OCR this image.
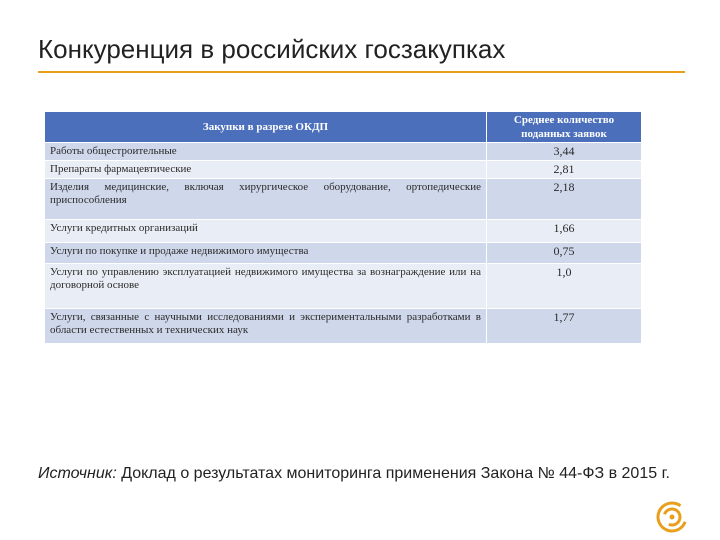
Конкуренция в российских госзакупках
Закупки в разрезе ОКДП	Среднее количество поданных заявок
Работы общестроительные	3,44
Препараты фармацевтические	2,81
Изделия медицинские, включая хирургическое оборудование, ортопедические приспособления	2,18
Услуги кредитных организаций	1,66
Услуги по покупке и продаже недвижимого имущества	0,75
Услуги по управлению эксплуатацией недвижимого имущества за вознаграждение или на договорной основе	1,0
Услуги, связанные с научными исследованиями и экспериментальными разработками в области естественных и технических наук	1,77
Источник: Доклад о результатах мониторинга применения Закона № 44-ФЗ в 2015 г.
